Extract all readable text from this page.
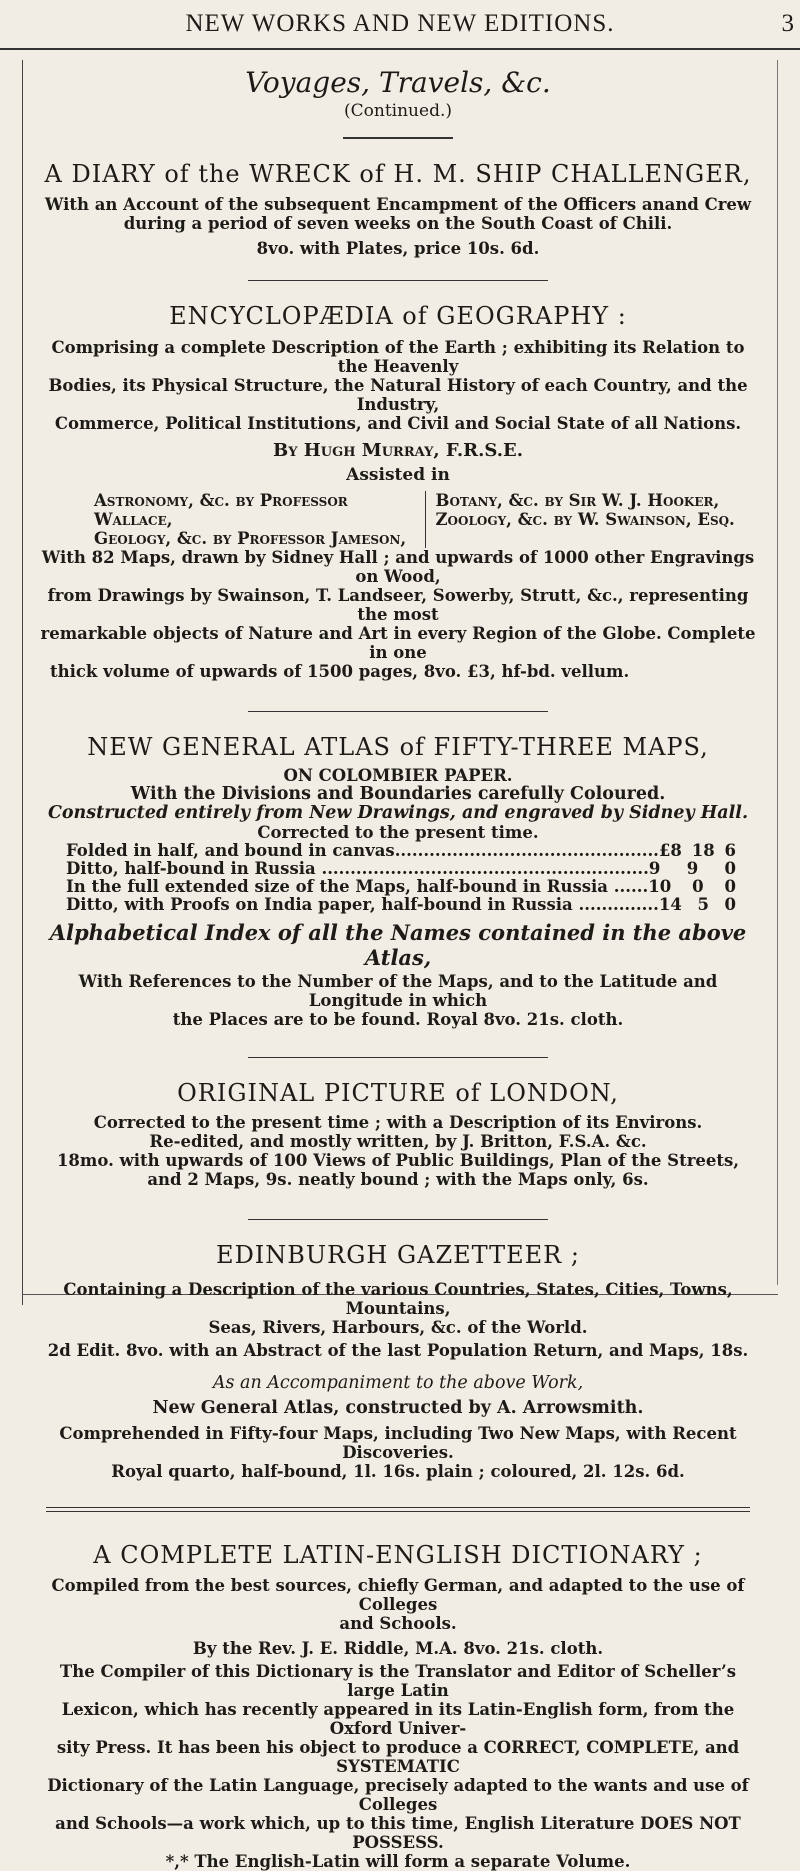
NEW WORKS AND NEW EDITIONS.	3
Voyages, Travels, &c.
(Continued.)
A DIARY of the WRECK of H. M. SHIP CHALLENGER,

With an Account of the subsequent Encampment of the Officers anand Crew

during a period of seven weeks on the South Coast of Chili.

8vo. with Plates, price 10s. 6d.

ENCYCLOPÆDIA of GEOGRAPHY :

Comprising a complete Description of the Earth ; exhibiting its Relation to the Heavenly

Bodies, its Physical Structure, the Natural History of each Country, and the Industry,

Commerce, Political Institutions, and Civil and Social State of all Nations.

By Hugh Murray, F.R.S.E.

Assisted in

Astronomy, &c. by Professor Wallace,

Geology, &c. by Professor Jameson,

Botany, &c. by Sir W. J. Hooker,

Zoology, &c. by W. Swainson, Esq.

With 82 Maps, drawn by Sidney Hall ; and upwards of 1000 other Engravings on Wood,

from Drawings by Swainson, T. Landseer, Sowerby, Strutt, &c., representing the most

remarkable objects of Nature and Art in every Region of the Globe. Complete in one

thick volume of upwards of 1500 pages, 8vo. £3, hf-bd. vellum.

NEW GENERAL ATLAS of FIFTY-THREE MAPS,

ON COLOMBIER PAPER.

With the Divisions and Boundaries carefully Coloured.

Constructed entirely from New Drawings, and engraved by Sidney Hall.

Corrected to the present time.

Folded in half, and bound in canvas .............................................. £8 18 6
Ditto, half-bound in Russia ......................................................... 9 9 0
In the full extended size of the Maps, half-bound in Russia ...... 10 0 0
Ditto, with Proofs on India paper, half-bound in Russia .............. 14 5 0
Alphabetical Index of all the Names contained in the above Atlas,

With References to the Number of the Maps, and to the Latitude and Longitude in which

the Places are to be found. Royal 8vo. 21s. cloth.

ORIGINAL PICTURE of LONDON,

Corrected to the present time ; with a Description of its Environs.

Re-edited, and mostly written, by J. Britton, F.S.A. &c.

18mo. with upwards of 100 Views of Public Buildings, Plan of the Streets,

and 2 Maps, 9s. neatly bound ; with the Maps only, 6s.

EDINBURGH GAZETTEER ;

Containing a Description of the various Countries, States, Cities, Towns, Mountains,

Seas, Rivers, Harbours, &c. of the World.

2d Edit. 8vo. with an Abstract of the last Population Return, and Maps, 18s.

As an Accompaniment to the above Work,

New General Atlas, constructed by A. Arrowsmith.

Comprehended in Fifty-four Maps, including Two New Maps, with Recent Discoveries.

Royal quarto, half-bound, 1l. 16s. plain ; coloured, 2l. 12s. 6d.

A COMPLETE LATIN-ENGLISH DICTIONARY ;

Compiled from the best sources, chiefly German, and adapted to the use of Colleges

and Schools.

By the Rev. J. E. Riddle, M.A. 8vo. 21s. cloth.

The Compiler of this Dictionary is the Translator and Editor of Scheller’s large Latin

Lexicon, which has recently appeared in its Latin-English form, from the Oxford Univer-

sity Press. It has been his object to produce a CORRECT, COMPLETE, and SYSTEMATIC

Dictionary of the Latin Language, precisely adapted to the wants and use of Colleges

and Schools—a work which, up to this time, English Literature DOES NOT POSSESS.

*,* The English-Latin will form a separate Volume.
